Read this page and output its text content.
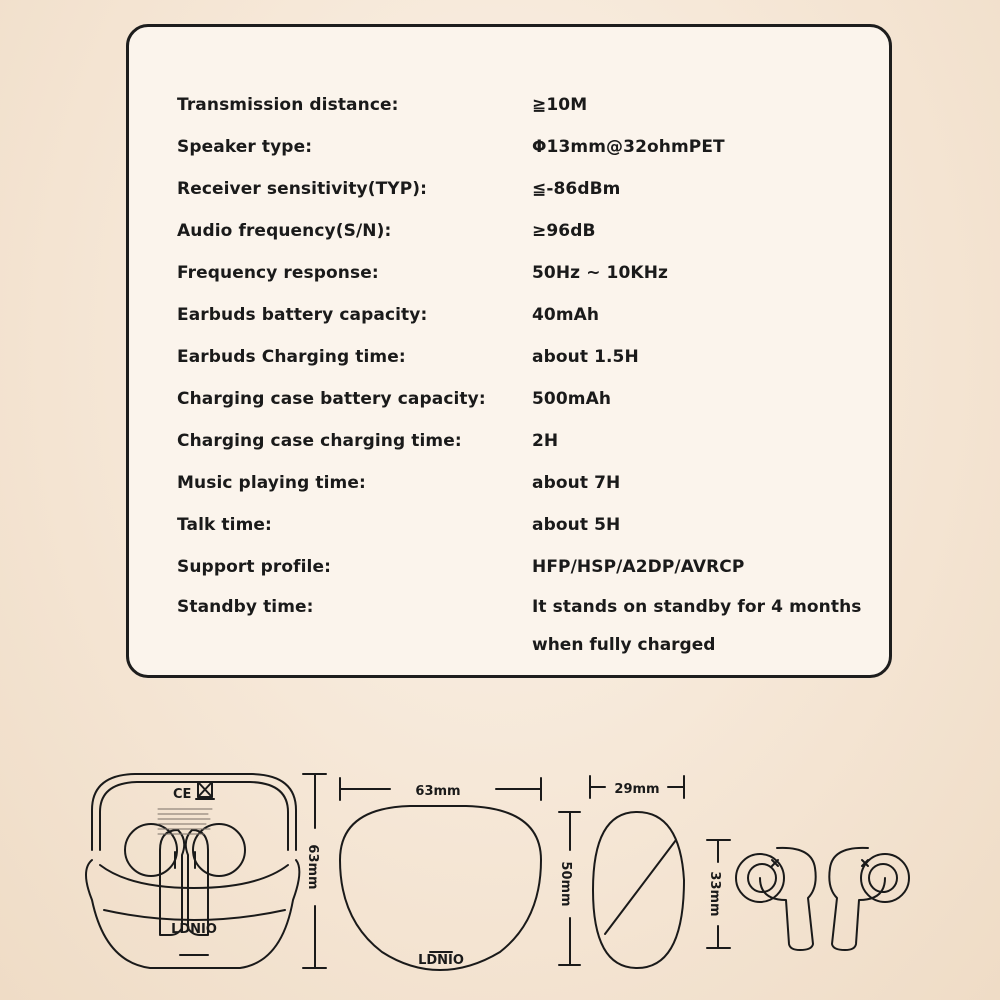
Transmission distance:	≧10M
Speaker type:	Φ13mm@32ohmPET
Receiver sensitivity(TYP):	≦-86dBm
Audio frequency(S/N):	≥96dB
Frequency response:	50Hz ~ 10KHz
Earbuds battery capacity:	40mAh
Earbuds Charging time:	about 1.5H
Charging case battery capacity:	500mAh
Charging case charging time:	2H
Music playing time:	about 7H
Talk time:	about 5H
Support profile:	HFP/HSP/A2DP/AVRCP
Standby time:	It stands on standby for 4 months
when fully charged
63mm	29mm
63mm	50mm	33mm
CE
LDNIO
LDNIO
